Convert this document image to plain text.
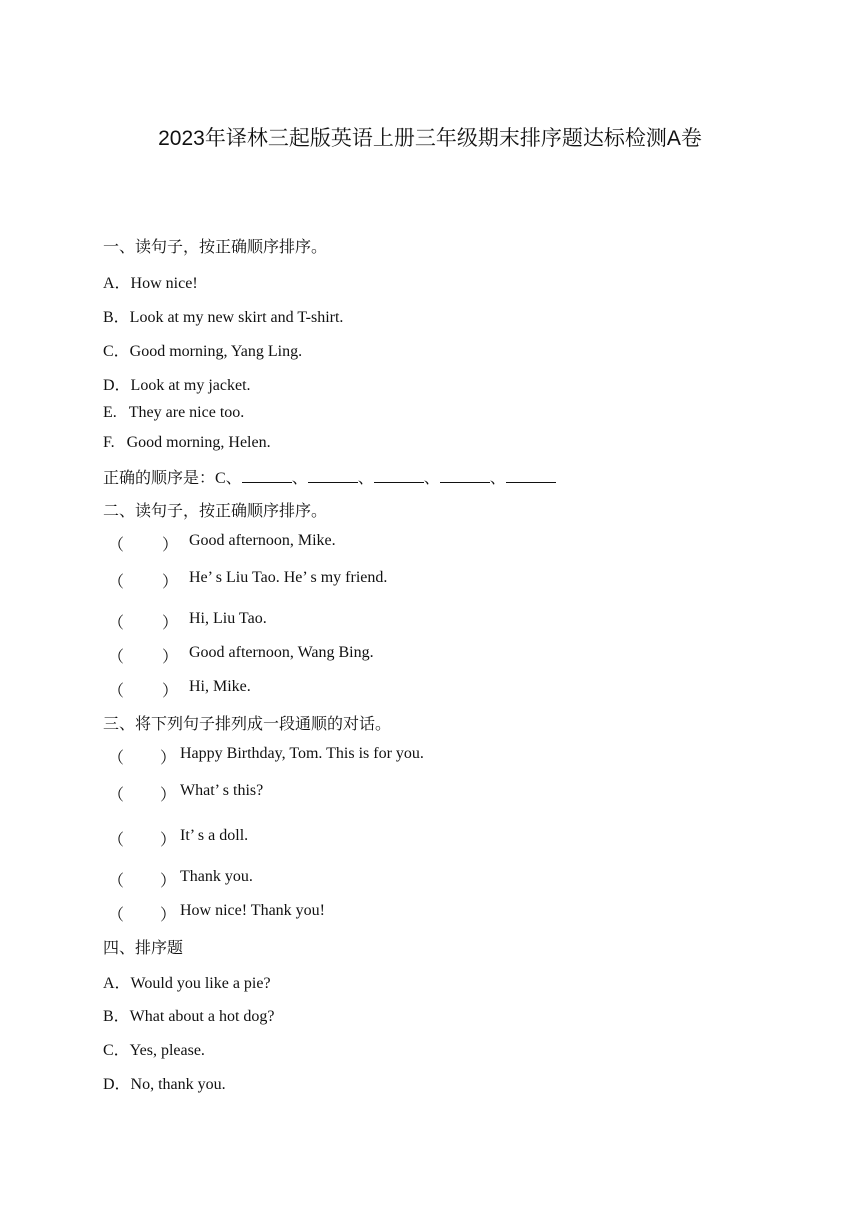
2023年译林三起版英语上册三年级期末排序题达标检测A卷
一、读句子，按正确顺序排序。
A．How nice!
B．Look at my new skirt and T-shirt.
C．Good morning, Yang Ling.
D．Look at my jacket.
E.   They are nice too.
F.   Good morning, Helen.
正确的顺序是：C、	、	、	、	、
二、读句子，按正确顺序排序。
（ ） Good afternoon, Mike.
（ ） He’ s Liu Tao. He’ s my friend.
（ ） Hi, Liu Tao.
（ ） Good afternoon, Wang Bing.
（ ） Hi, Mike.
三、将下列句子排列成一段通顺的对话。
（ ） Happy Birthday, Tom. This is for you.
（ ） What’ s this?
（ ） It’ s a doll.
（ ） Thank you.
（ ） How nice! Thank you!
四、排序题
A．Would you like a pie?
B．What about a hot dog?
C．Yes, please.
D．No, thank you.
